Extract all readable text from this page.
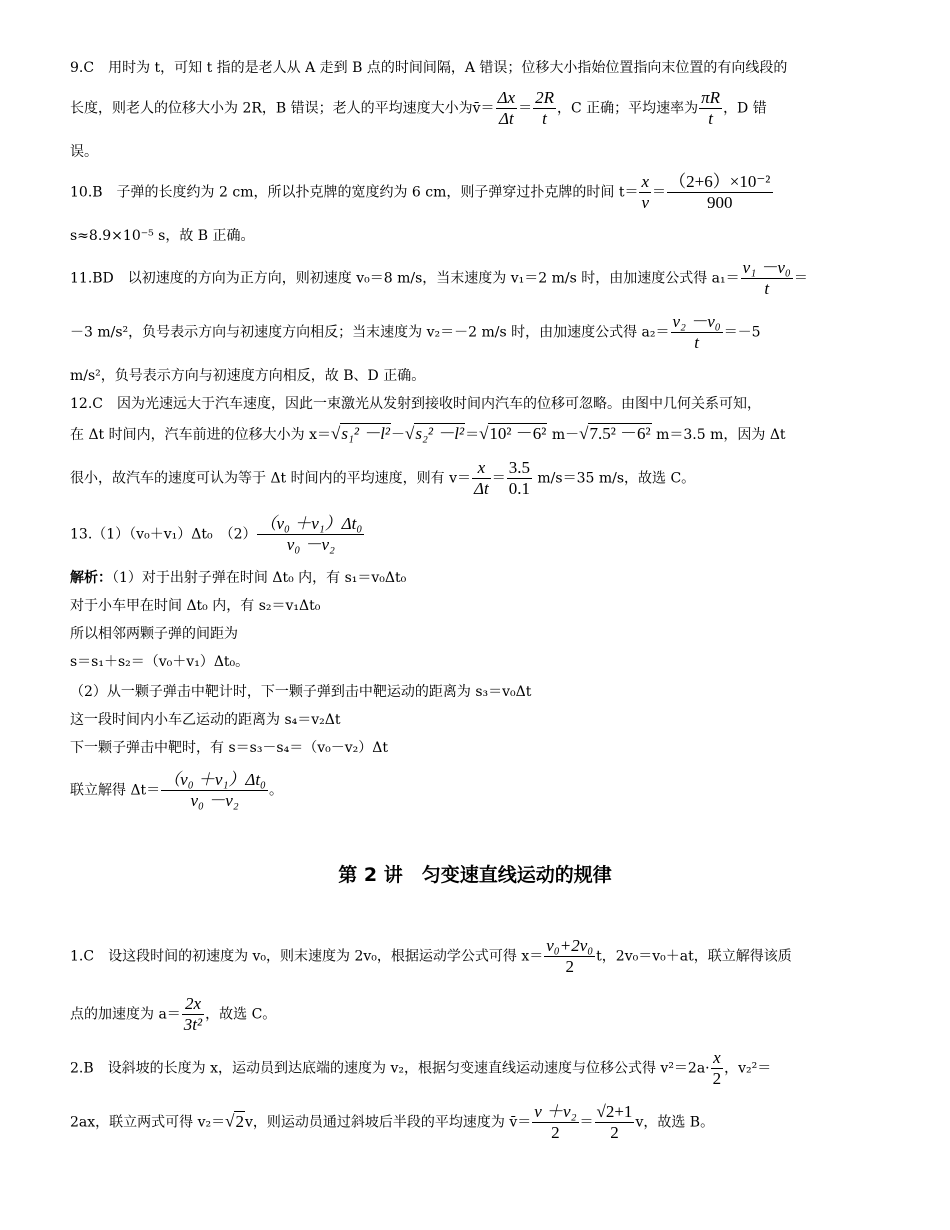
9.C　用时为 t，可知 t 指的是老人从 A 走到 B 点的时间间隔，A 错误；位移大小指始位置指向末位置的有向线段的
长度，则老人的位移大小为 2R，B 错误；老人的平均速度大小为v̄＝ $\frac{\Delta x}{\Delta t} = \frac{2R}{t}$ ，C 正确；平均速率为 $\frac{\pi R}{t}$ ，D 错
误。
10.B　子弹的长度约为 2 cm，所以扑克牌的宽度约为 6 cm，则子弹穿过扑克牌的时间 $t= \frac{x}{v} = \frac{\text{（2+6）×10⁻²}}{900}$
s≈8.9×10⁻⁵ s，故 B 正确。
11.BD　以初速度的方向为正方向，则初速度 v₀＝8 m/s，当末速度为 v₁＝2 m/s 时，由加速度公式得 $a_1= \frac{\text{v₁ －v₀}}{t}$ ＝
－3 m/s²，负号表示方向与初速度方向相反；当末速度为 v₂＝－2 m/s 时，由加速度公式得 $a_2= \frac{\text{v₂ －v₀}}{t} =-5$
m/s²，负号表示方向与初速度方向相反，故 B、D 正确。
12.C　因为光速远大于汽车速度，因此一束激光从发射到接收时间内汽车的位移可忽略。由图中几何关系可知，
在 Δt 时间内，汽车前进的位移大小为 x＝√s₁² －l²－√s₂² －l²＝√10² －6² m－√7.5² －6² m＝3.5 m，因为 Δt
很小，故汽车的速度可认为等于 Δt 时间内的平均速度，则有 $v= \frac{x}{\Delta t} = \frac{3.5}{0.1} m/s=35$ m/s，故选 C。
13.（1）（v₀＋v₁）Δt₀　$(2) \frac{\text{（v₀ ＋v₁）Δt₀}}{\text{v₀ －v₂}}$
解析：（1）对于出射子弹在时间 Δt₀ 内，有 s₁＝v₀Δt₀
对于小车甲在时间 Δt₀ 内，有 s₂＝v₁Δt₀
所以相邻两颗子弹的间距为
s＝s₁＋s₂＝（v₀＋v₁）Δt₀。
（2）从一颗子弹击中靶计时，下一颗子弹到击中靶运动的距离为 s₃＝v₀Δt
这一段时间内小车乙运动的距离为 s₄＝v₂Δt
下一颗子弹击中靶时，有 s＝s₃－s₄＝（v₀－v₂）Δt
联立解得 $\Delta t= \frac{\text{（v₀ ＋v₁）Δt₀}}{\text{v₀ －v₂}}$ 。
第 2 讲　匀变速直线运动的规律
1.C　设这段时间的初速度为 v₀，则末速度为 2v₀，根据运动学公式可得 $x= \frac{\text{v₀+2v₀}}{2}$ t，2v₀＝v₀＋at，联立解得该质
点的加速度为 $a= \frac{2x}{\text{3t²}}$ ，故选 C。
2.B　设斜坡的长度为 x，运动员到达底端的速度为 v₂，根据匀变速直线运动速度与位移公式得 $v^2=2a\cdot \frac{x}{2}$ ，v₂²＝
2ax，联立两式可得 v₂＝√2v，则运动员通过斜坡后半段的平均速度为 v̄＝ $\frac{\text{v ＋v₂}}{2} = \frac{√2+1}{2}$ v，故选 B。
